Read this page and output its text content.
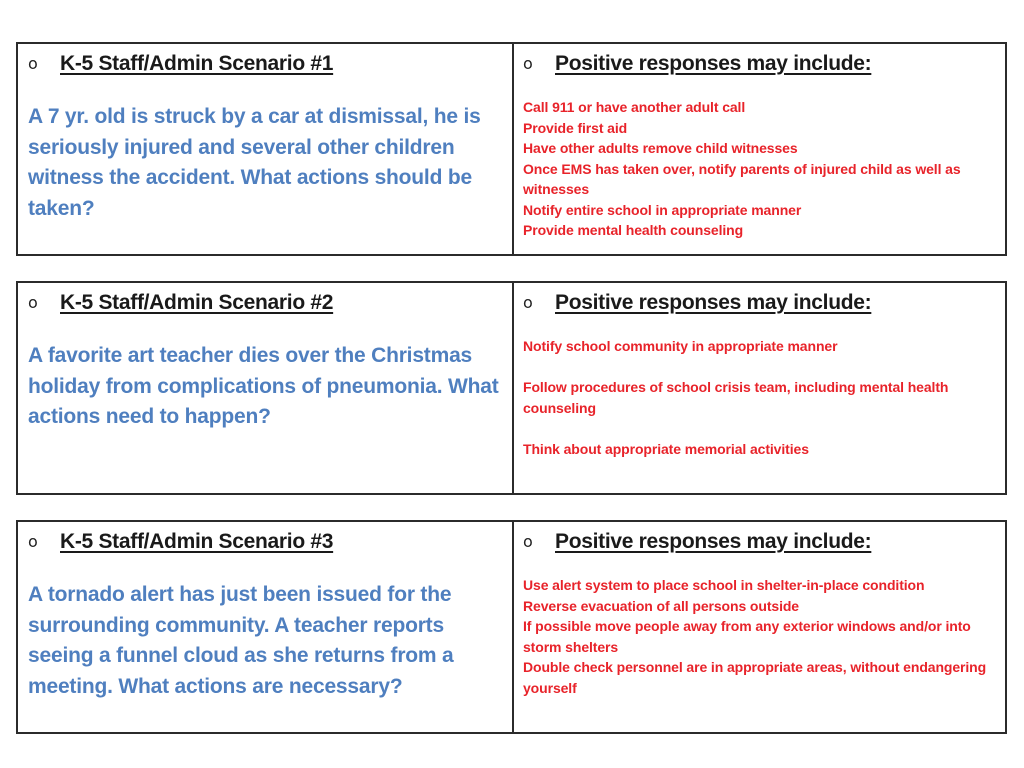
o	K-5 Staff/Admin Scenario #1
A 7 yr. old is struck by a car at dismissal, he is seriously injured and several other children witness the accident. What actions should be taken?
o	Positive responses may include:
Call 911 or have another adult call
Provide first aid
Have other adults remove child witnesses
Once EMS has taken over, notify parents of injured child as well as witnesses
Notify entire school in appropriate manner
Provide mental health counseling
o	K-5 Staff/Admin Scenario #2
A favorite art teacher dies over the Christmas holiday from complications of pneumonia. What actions need to happen?
o	Positive responses may include:
Notify school community in appropriate manner
Follow procedures of school crisis team, including mental health counseling
Think about appropriate memorial activities
o	K-5 Staff/Admin Scenario #3
A tornado alert has just been issued for the surrounding community. A teacher reports seeing a funnel cloud as she returns from a meeting. What actions are necessary?
o	Positive responses may include:
Use alert system to place school in shelter-in-place condition
Reverse evacuation of all persons outside
If possible move people away from any exterior windows and/or into storm shelters
Double check personnel are in appropriate areas, without endangering yourself
